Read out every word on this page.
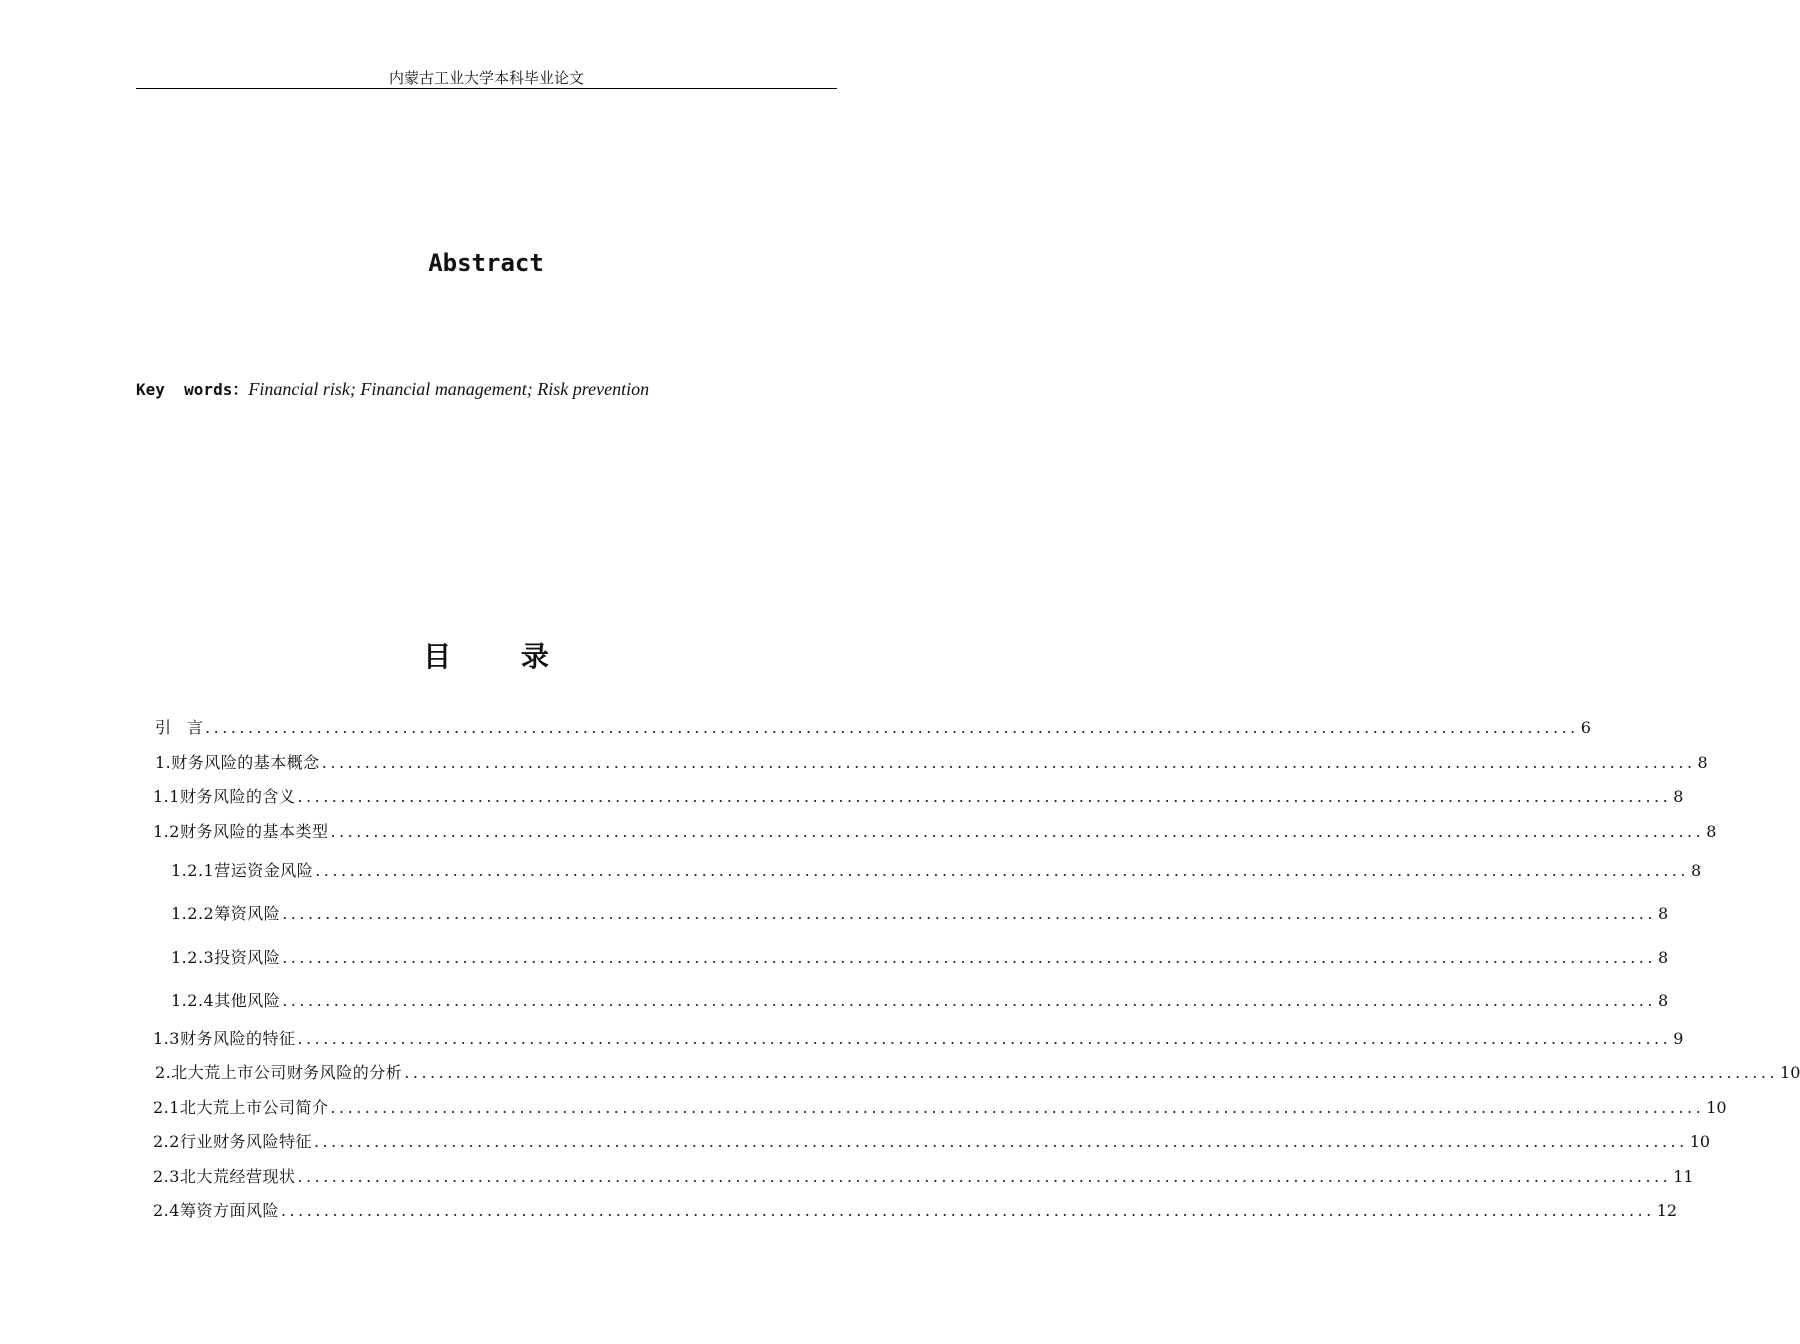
内蒙古工业大学本科毕业论文
Abstract
Key  words：Financial risk; Financial management; Risk prevention
目 录
引　言 ................................................................................................................................................................ 6
1.财务风险的基本概念 ................................................................................................................................................................ 8
1.1财务风险的含义 ................................................................................................................................................................ 8
1.2财务风险的基本类型 ................................................................................................................................................................ 8
1.2.1营运资金风险 ................................................................................................................................................................ 8
1.2.2筹资风险 ................................................................................................................................................................ 8
1.2.3投资风险 ................................................................................................................................................................ 8
1.2.4其他风险 ................................................................................................................................................................ 8
1.3财务风险的特征 ................................................................................................................................................................ 9
2.北大荒上市公司财务风险的分析 ................................................................................................................................................................ 10
2.1北大荒上市公司简介 ................................................................................................................................................................ 10
2.2行业财务风险特征 ................................................................................................................................................................ 10
2.3北大荒经营现状 ................................................................................................................................................................ 11
2.4筹资方面风险 ................................................................................................................................................................ 12
